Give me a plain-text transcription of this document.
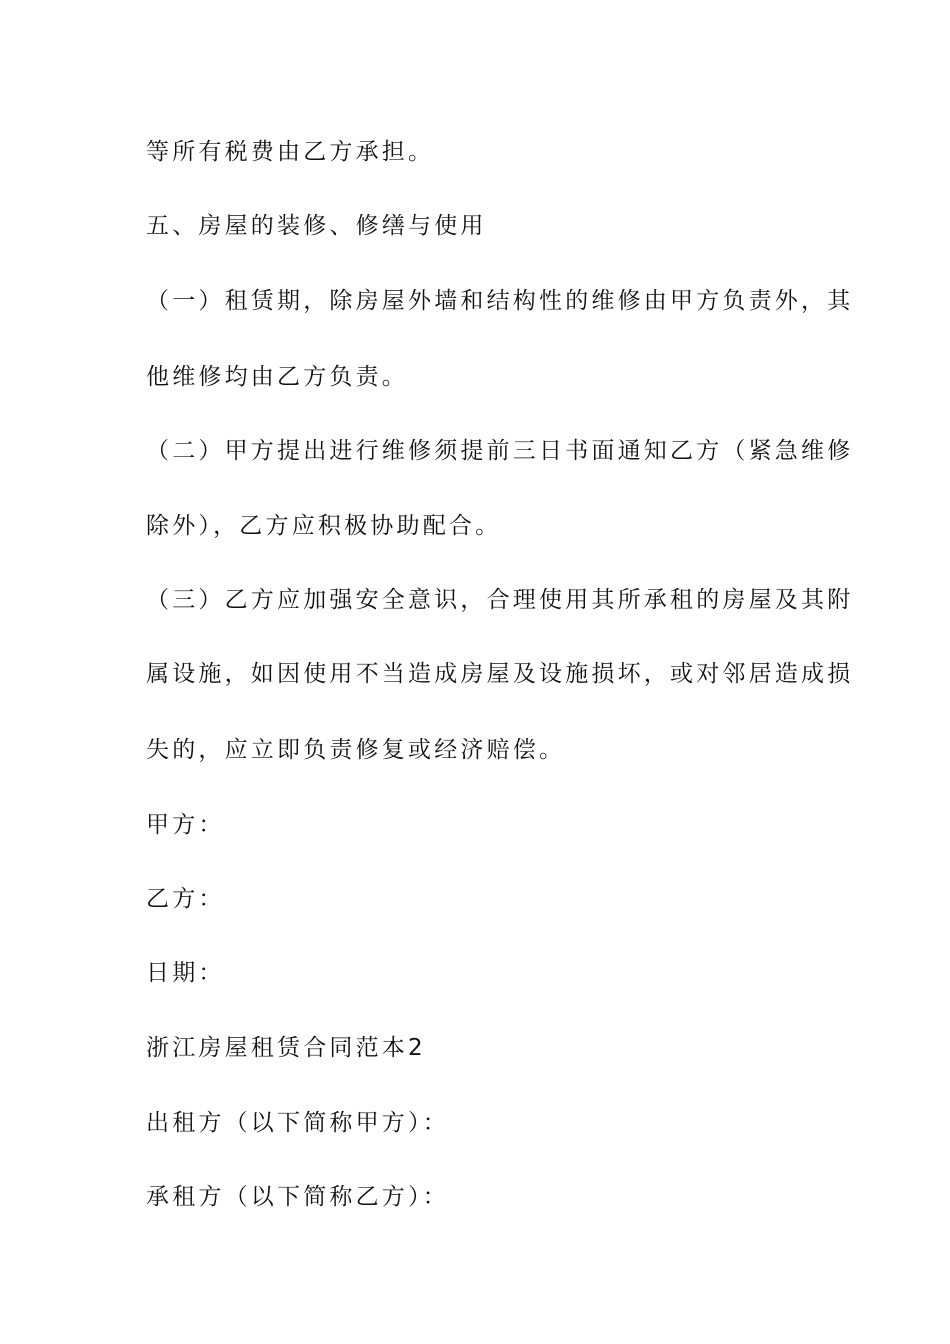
等所有税费由乙方承担。
五、房屋的装修、修缮与使用
（一）租赁期，除房屋外墙和结构性的维修由甲方负责外，其
他维修均由乙方负责。
（二）甲方提出进行维修须提前三日书面通知乙方（紧急维修
除外），乙方应积极协助配合。
（三）乙方应加强安全意识，合理使用其所承租的房屋及其附
属设施，如因使用不当造成房屋及设施损坏，或对邻居造成损
失的，应立即负责修复或经济赔偿。
甲方：
乙方：
日期：
浙江房屋租赁合同范本2
出租方（以下简称甲方）：
承租方（以下简称乙方）：
